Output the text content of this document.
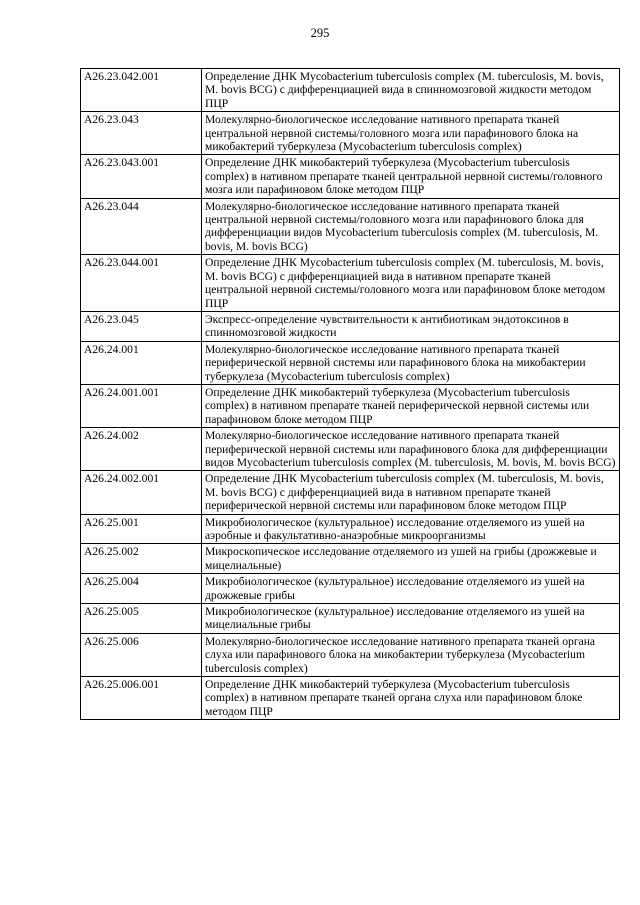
295
A26.23.042.001	Определение ДНК Mycobacterium tuberculosis complex (M. tuberculosis, M. bovis, M. bovis BCG) с дифференциацией вида в спинномозговой жидкости методом ПЦР
A26.23.043	Молекулярно-биологическое исследование нативного препарата тканей центральной нервной системы/головного мозга или парафинового блока на микобактерий туберкулеза (Mycobacterium tuberculosis complex)
A26.23.043.001	Определение ДНК микобактерий туберкулеза (Mycobacterium tuberculosis complex) в нативном препарате тканей центральной нервной системы/головного мозга или парафиновом блоке методом ПЦР
A26.23.044	Молекулярно-биологическое исследование нативного препарата тканей центральной нервной системы/головного мозга или парафинового блока для дифференциации видов Mycobacterium tuberculosis complex (M. tuberculosis, M. bovis, M. bovis BCG)
A26.23.044.001	Определение ДНК Mycobacterium tuberculosis complex (M. tuberculosis, M. bovis, M. bovis BCG) с дифференциацией вида в нативном препарате тканей центральной нервной системы/головного мозга или парафиновом блоке методом ПЦР
A26.23.045	Экспресс-определение чувствительности к антибиотикам эндотоксинов в спинномозговой жидкости
A26.24.001	Молекулярно-биологическое исследование нативного препарата тканей периферической нервной системы или парафинового блока на микобактерии туберкулеза (Mycobacterium tuberculosis complex)
A26.24.001.001	Определение ДНК микобактерий туберкулеза (Mycobacterium tuberculosis complex) в нативном препарате тканей периферической нервной системы или парафиновом блоке методом ПЦР
A26.24.002	Молекулярно-биологическое исследование нативного препарата тканей периферической нервной системы или парафинового блока для дифференциации видов Mycobacterium tuberculosis complex (M. tuberculosis, M. bovis, M. bovis BCG)
A26.24.002.001	Определение ДНК Mycobacterium tuberculosis complex (M. tuberculosis, M. bovis, M. bovis BCG) с дифференциацией вида в нативном препарате тканей периферической нервной системы или парафиновом блоке методом ПЦР
A26.25.001	Микробиологическое (культуральное) исследование отделяемого из ушей на аэробные и факультативно-анаэробные микроорганизмы
A26.25.002	Микроскопическое исследование отделяемого из ушей на грибы (дрожжевые и мицелиальные)
A26.25.004	Микробиологическое (культуральное) исследование отделяемого из ушей на дрожжевые грибы
A26.25.005	Микробиологическое (культуральное) исследование отделяемого из ушей на мицелиальные грибы
A26.25.006	Молекулярно-биологическое исследование нативного препарата тканей органа слуха или парафинового блока на микобактерии туберкулеза (Mycobacterium tuberculosis complex)
A26.25.006.001	Определение ДНК микобактерий туберкулеза (Mycobacterium tuberculosis complex) в нативном препарате тканей органа слуха или парафиновом блоке методом ПЦР
